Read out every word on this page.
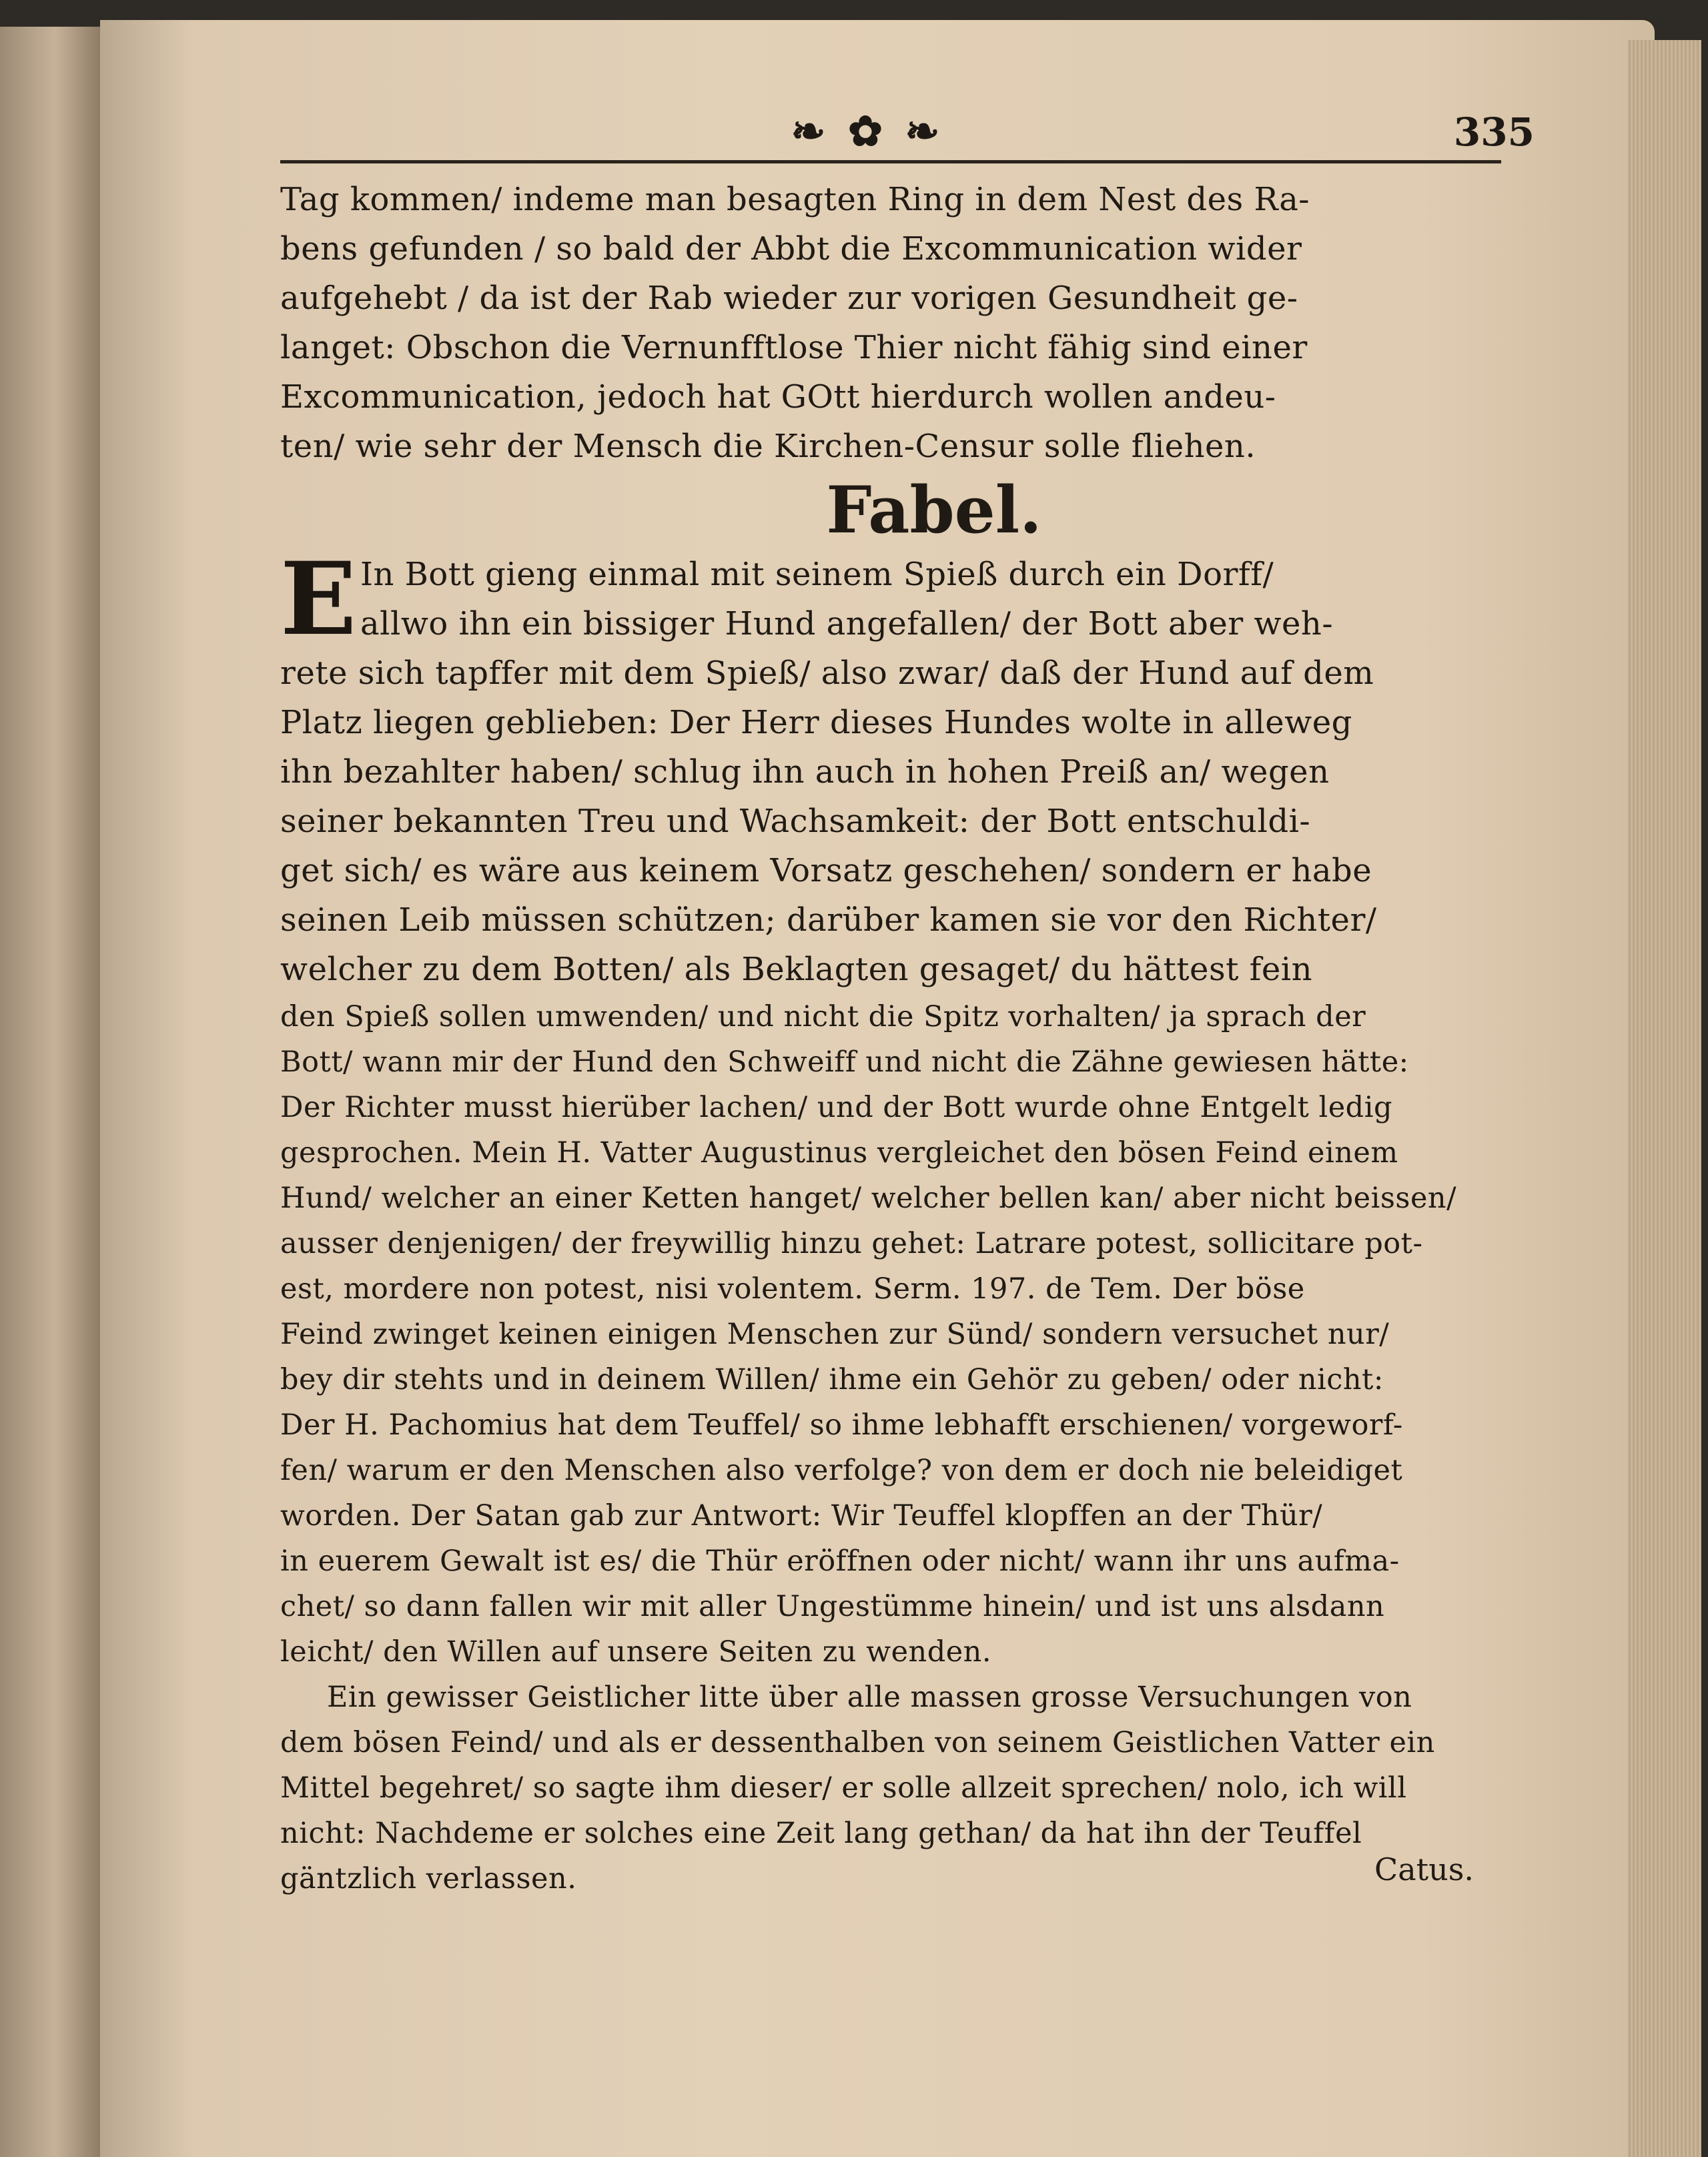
❧ ✿ ❧	335
Tag kommen/ indeme man besagten Ring in dem Nest des Ra-
bens gefunden / so bald der Abbt die Excommunication wider
aufgehebt / da ist der Rab wieder zur vorigen Gesundheit ge-
langet: Obschon die Vernunfftlose Thier nicht fähig sind einer
Excommunication, jedoch hat GOtt hierdurch wollen andeu-
ten/ wie sehr der Mensch die Kirchen-Censur solle fliehen.
Fabel.
E In Bott gieng einmal mit seinem Spieß durch ein Dorff/
allwo ihn ein bissiger Hund angefallen/ der Bott aber weh-
rete sich tapffer mit dem Spieß/ also zwar/ daß der Hund auf dem
Platz liegen geblieben: Der Herr dieses Hundes wolte in alleweg
ihn bezahlter haben/ schlug ihn auch in hohen Preiß an/ wegen
seiner bekannten Treu und Wachsamkeit: der Bott entschuldi-
get sich/ es wäre aus keinem Vorsatz geschehen/ sondern er habe
seinen Leib müssen schützen; darüber kamen sie vor den Richter/
welcher zu dem Botten/ als Beklagten gesaget/ du hättest fein
den Spieß sollen umwenden/ und nicht die Spitz vorhalten/ ja sprach der
Bott/ wann mir der Hund den Schweiff und nicht die Zähne gewiesen hätte:
Der Richter musst hierüber lachen/ und der Bott wurde ohne Entgelt ledig
gesprochen. Mein H. Vatter Augustinus vergleichet den bösen Feind einem
Hund/ welcher an einer Ketten hanget/ welcher bellen kan/ aber nicht beissen/
ausser denjenigen/ der freywillig hinzu gehet: Latrare potest, sollicitare pot-
est, mordere non potest, nisi volentem. Serm. 197. de Tem. Der böse
Feind zwinget keinen einigen Menschen zur Sünd/ sondern versuchet nur/
bey dir stehts und in deinem Willen/ ihme ein Gehör zu geben/ oder nicht:
Der H. Pachomius hat dem Teuffel/ so ihme lebhafft erschienen/ vorgeworf-
fen/ warum er den Menschen also verfolge? von dem er doch nie beleidiget
worden. Der Satan gab zur Antwort: Wir Teuffel klopffen an der Thür/
in euerem Gewalt ist es/ die Thür eröffnen oder nicht/ wann ihr uns aufma-
chet/ so dann fallen wir mit aller Ungestümme hinein/ und ist uns alsdann
leicht/ den Willen auf unsere Seiten zu wenden.
Ein gewisser Geistlicher litte über alle massen grosse Versuchungen von
dem bösen Feind/ und als er dessenthalben von seinem Geistlichen Vatter ein
Mittel begehret/ so sagte ihm dieser/ er solle allzeit sprechen/ nolo, ich will
nicht: Nachdeme er solches eine Zeit lang gethan/ da hat ihn der Teuffel
gäntzlich verlassen.	Catus.
